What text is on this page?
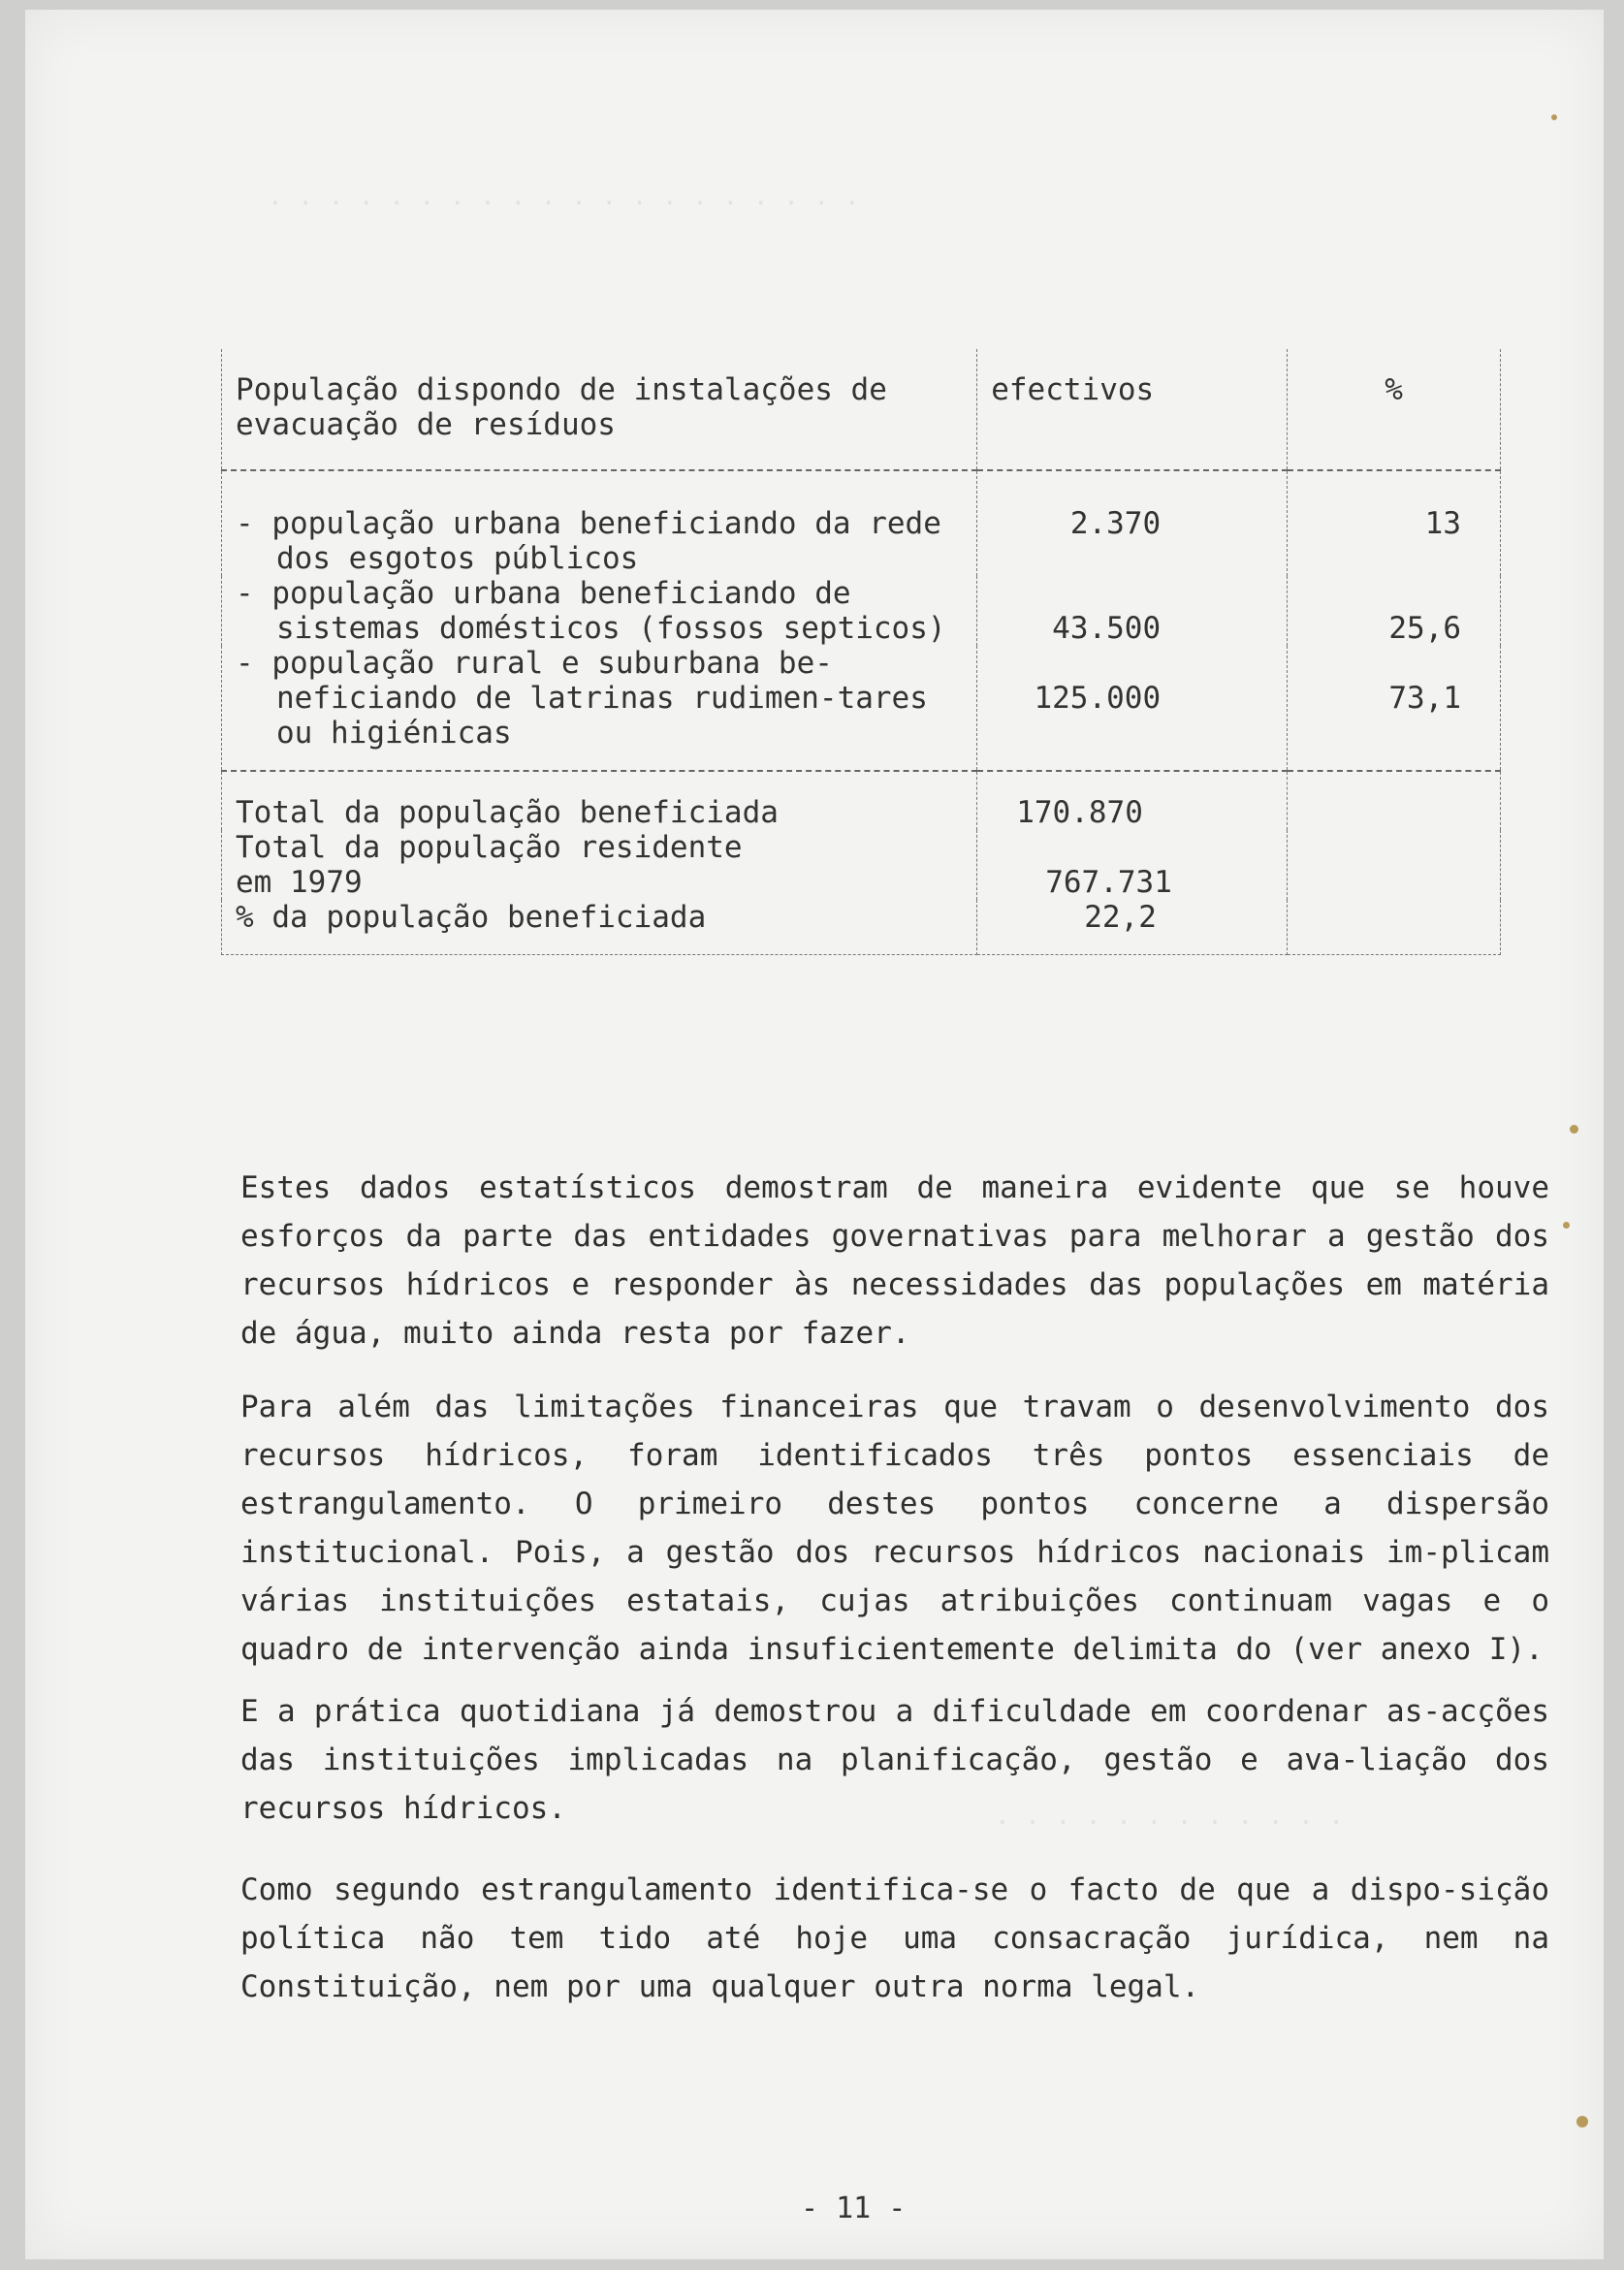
. . . . . . . . . . . . . . . . . . . .
. . . . . . . . . . . .
População dispondo de instalações de evacuação de resíduos	efectivos	%

- população urbana beneficiando da rede dos esgotos públicos	2.370	13

- população urbana beneficiando de sistemas domésticos (fossos septicos)	43.500	25,6

- população rural e suburbana be-neficiando de latrinas rudimen-tares ou higiénicas	125.000	73,1
Total da população beneficiada	170.870	
Total da população residente em 1979	767.731	
% da população beneficiada	22,2	

Estes dados estatísticos demostram de maneira evidente que se houve esforços da parte das entidades governativas para melhorar a gestão dos recursos hídricos e responder às necessidades das populações em matéria de água, muito ainda resta por fazer.

Para além das limitações financeiras que travam o desenvolvimento dos recursos hídricos, foram identificados três pontos essenciais de estrangulamento. O primeiro destes pontos concerne a dispersão institucional. Pois, a gestão dos recursos hídricos nacionais im-plicam várias instituições estatais, cujas atribuições continuam vagas e o quadro de intervenção ainda insuficientemente delimita do (ver anexo I).

E a prática quotidiana já demostrou a dificuldade em coordenar as-acções das instituições implicadas na planificação, gestão e ava-liação dos recursos hídricos.

Como segundo estrangulamento identifica-se o facto de que a dispo-sição política não tem tido até hoje uma consacração jurídica, nem na Constituição, nem por uma qualquer outra norma legal.

- 11 -
